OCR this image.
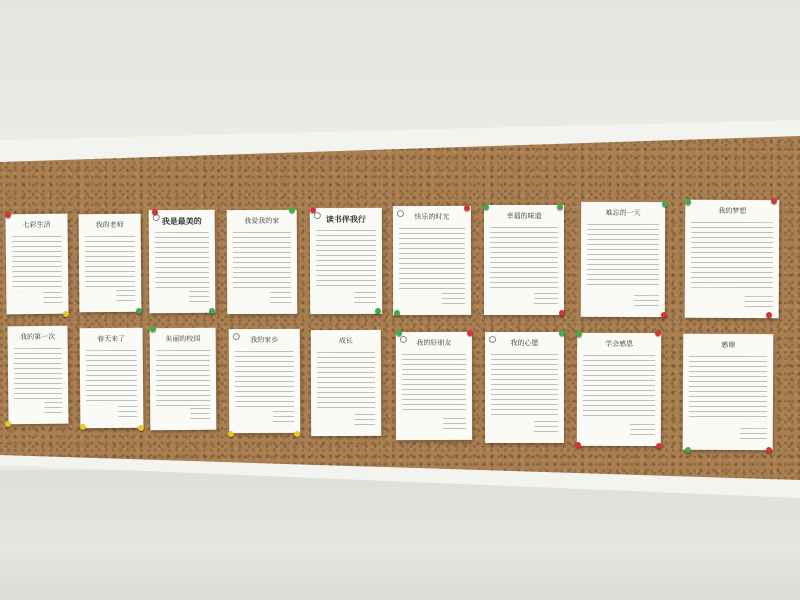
七彩生活	我的老师	我是最美的	我爱我的家	读书伴我行	快乐的时光	幸福的味道	难忘的一天	我的梦想
我的第一次	春天来了	美丽的校园	我的家乡	成长	我的好朋友	我的心愿	学会感恩	感谢
